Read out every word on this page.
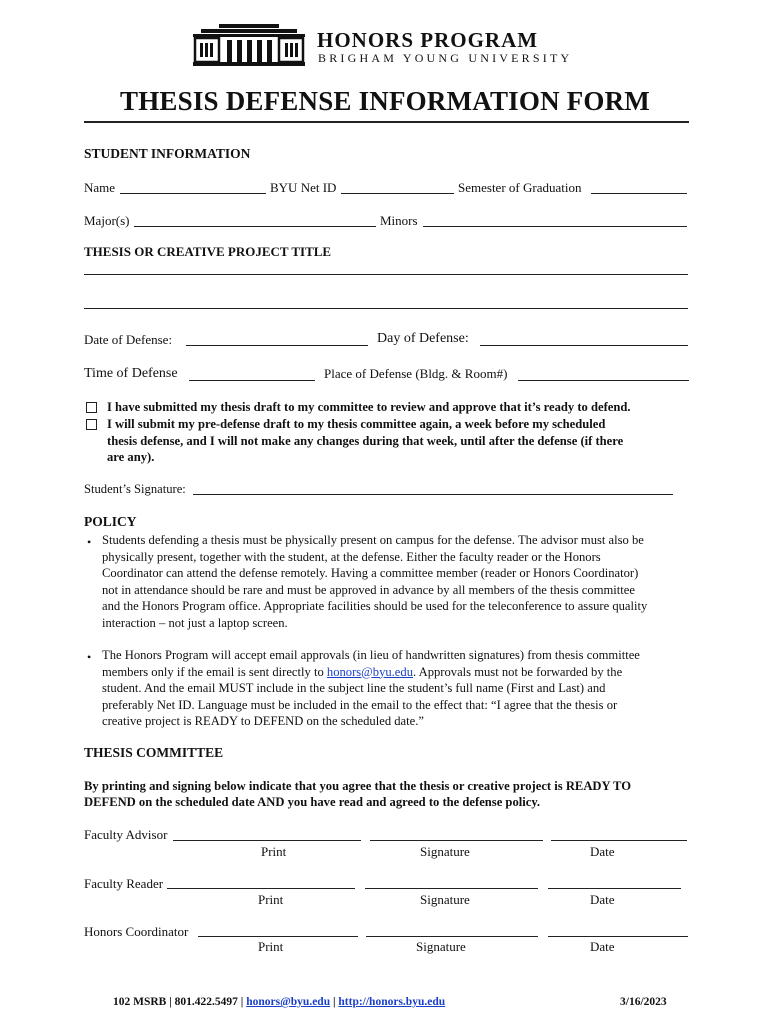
HONORS PROGRAM
BRIGHAM YOUNG UNIVERSITY
THESIS DEFENSE INFORMATION FORM
STUDENT INFORMATION
Name	BYU Net ID	Semester of Graduation
Major(s)	Minors
THESIS OR CREATIVE PROJECT TITLE
Date of Defense:	Day of Defense:
Time of Defense	Place of Defense (Bldg. & Room#)
I have submitted my thesis draft to my committee to review and approve that it’s ready to defend.
I will submit my pre-defense draft to my thesis committee again, a week before my scheduled
thesis defense, and I will not make any changes during that week, until after the defense (if there
are any).
Student’s Signature:
POLICY
• Students defending a thesis must be physically present on campus for the defense. The advisor must also be
physically present, together with the student, at the defense. Either the faculty reader or the Honors
Coordinator can attend the defense remotely. Having a committee member (reader or Honors Coordinator)
not in attendance should be rare and must be approved in advance by all members of the thesis committee
and the Honors Program office. Appropriate facilities should be used for the teleconference to assure quality
interaction – not just a laptop screen.
• The Honors Program will accept email approvals (in lieu of handwritten signatures) from thesis committee
members only if the email is sent directly to honors@byu.edu. Approvals must not be forwarded by the
student. And the email MUST include in the subject line the student’s full name (First and Last) and
preferably Net ID. Language must be included in the email to the effect that: “I agree that the thesis or
creative project is READY to DEFEND on the scheduled date.”
THESIS COMMITTEE
By printing and signing below indicate that you agree that the thesis or creative project is READY TO
DEFEND on the scheduled date AND you have read and agreed to the defense policy.
Faculty Advisor
Print	Signature	Date
Faculty Reader
Print	Signature	Date
Honors Coordinator
Print	Signature	Date
102 MSRB | 801.422.5497 | honors@byu.edu | http://honors.byu.edu	3/16/2023
